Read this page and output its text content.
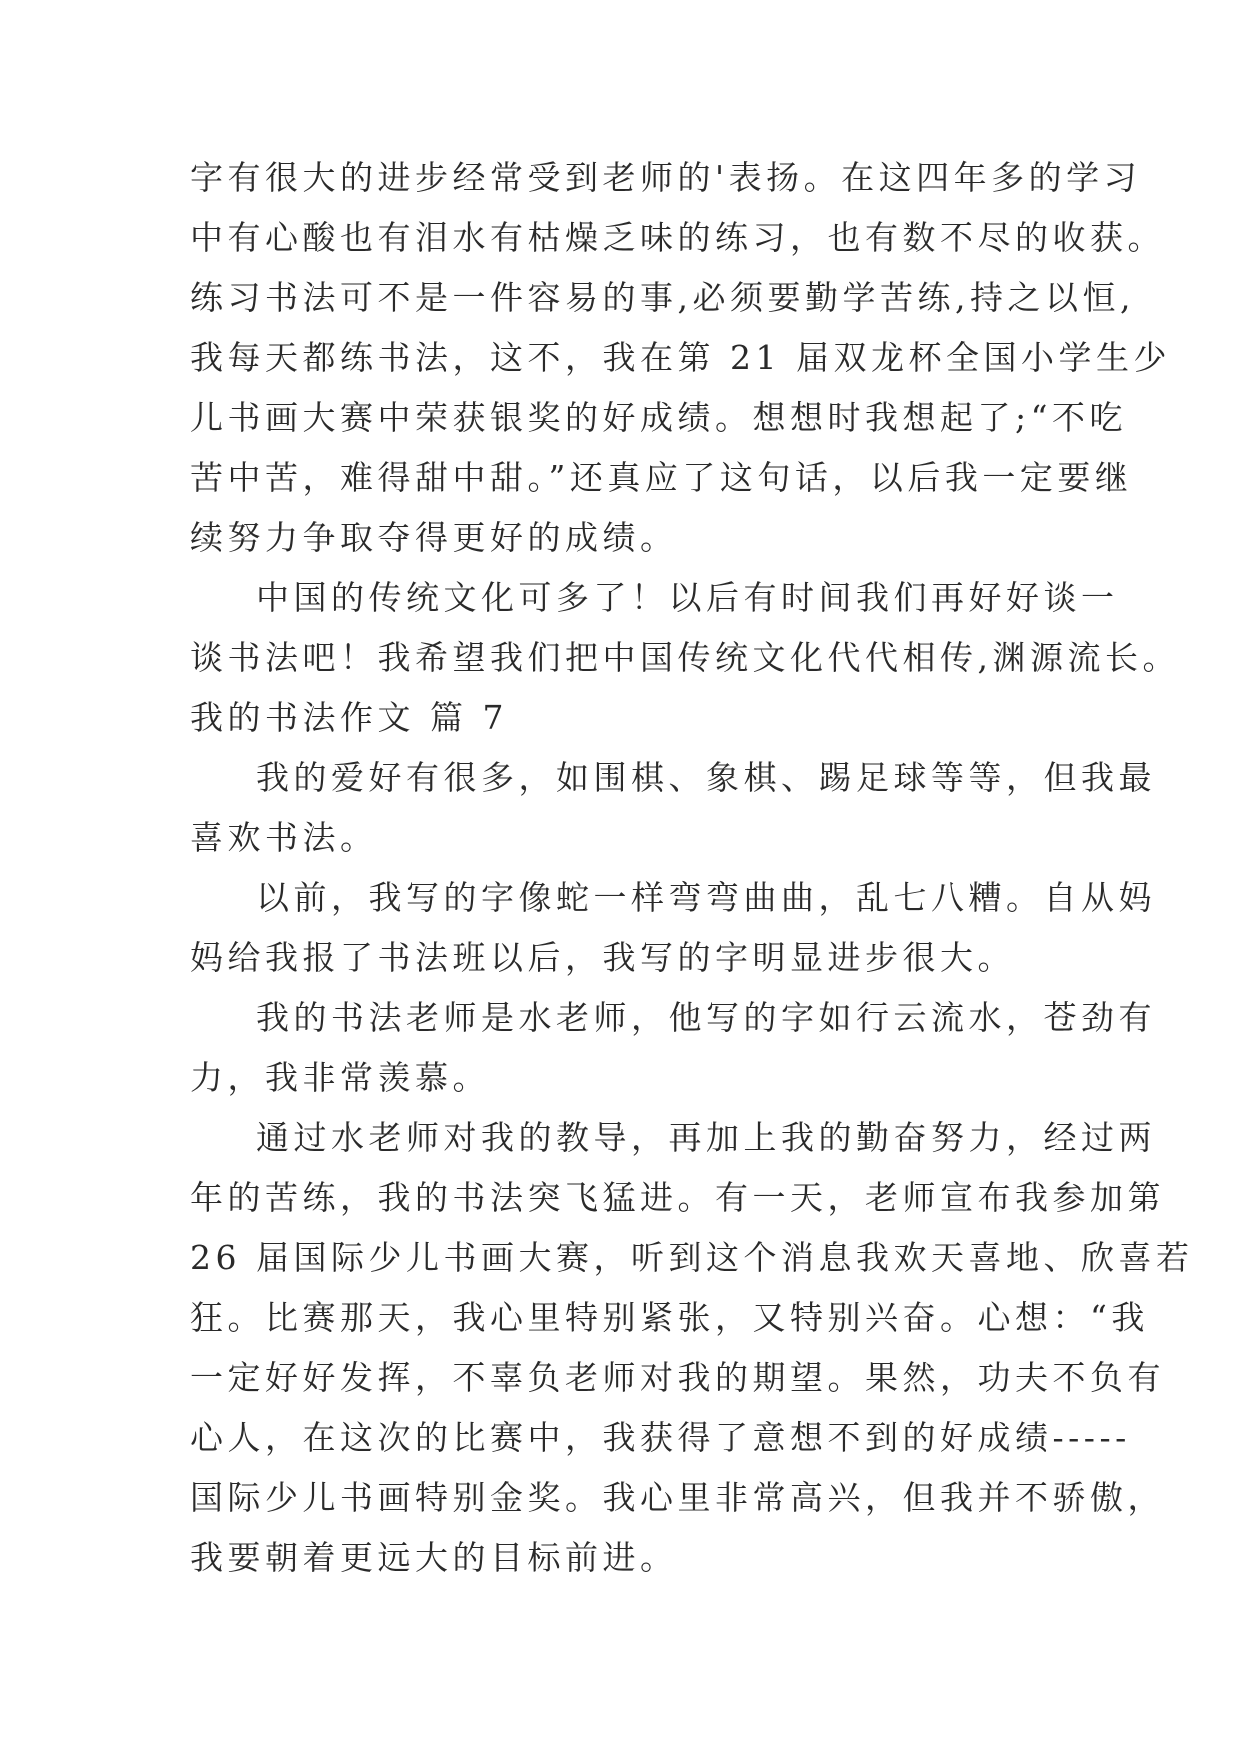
字有很大的进步经常受到老师的'表扬。在这四年多的学习
中有心酸也有泪水有枯燥乏味的练习，也有数不尽的收获。
练习书法可不是一件容易的事,必须要勤学苦练,持之以恒,
我每天都练书法，这不，我在第 21 届双龙杯全国小学生少
儿书画大赛中荣获银奖的好成绩。想想时我想起了;“不吃
苦中苦，难得甜中甜。”还真应了这句话，以后我一定要继
续努力争取夺得更好的成绩。
中国的传统文化可多了！以后有时间我们再好好谈一
谈书法吧！我希望我们把中国传统文化代代相传,渊源流长。
我的书法作文 篇 7
我的爱好有很多，如围棋、象棋、踢足球等等，但我最
喜欢书法。
以前，我写的字像蛇一样弯弯曲曲，乱七八糟。自从妈
妈给我报了书法班以后，我写的字明显进步很大。
我的书法老师是水老师，他写的字如行云流水，苍劲有
力，我非常羡慕。
通过水老师对我的教导，再加上我的勤奋努力，经过两
年的苦练，我的书法突飞猛进。有一天，老师宣布我参加第
26 届国际少儿书画大赛，听到这个消息我欢天喜地、欣喜若
狂。比赛那天，我心里特别紧张，又特别兴奋。心想：“我
一定好好发挥，不辜负老师对我的期望。果然，功夫不负有
心人，在这次的比赛中，我获得了意想不到的好成绩-----
国际少儿书画特别金奖。我心里非常高兴，但我并不骄傲，
我要朝着更远大的目标前进。
